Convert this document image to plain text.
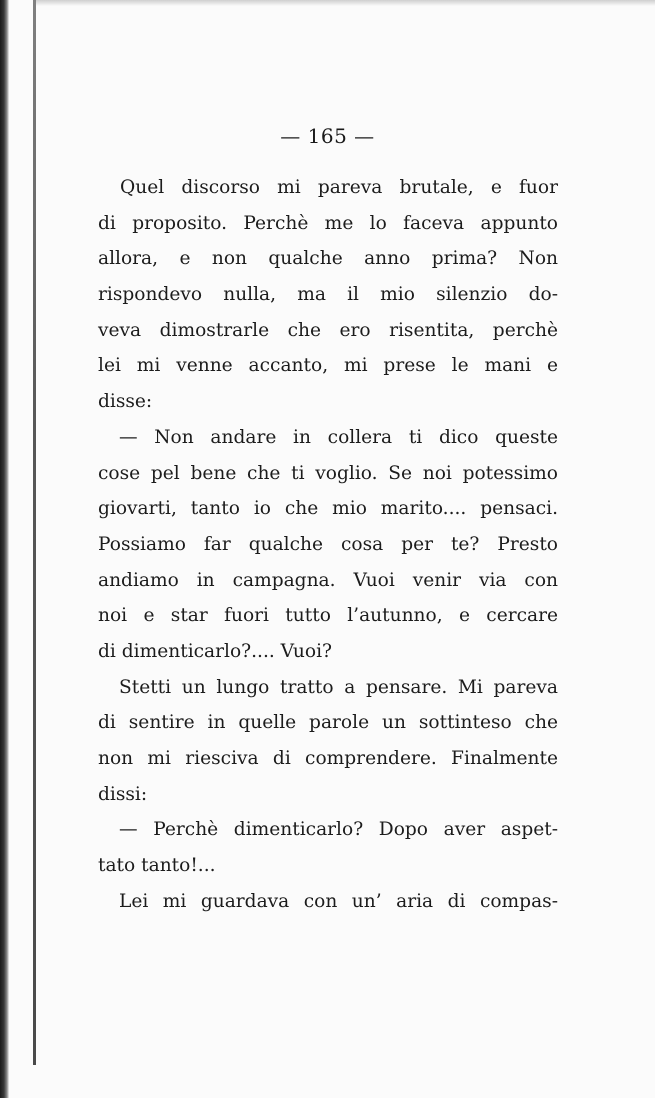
— 165 —
Quel discorso mi pareva brutale, e fuor
di proposito. Perchè me lo faceva appunto
allora, e non qualche anno prima? Non
rispondevo nulla, ma il mio silenzio do-
veva dimostrarle che ero risentita, perchè
lei mi venne accanto, mi prese le mani e
disse:
— Non andare in collera ti dico queste
cose pel bene che ti voglio. Se noi potessimo
giovarti, tanto io che mio marito.... pensaci.
Possiamo far qualche cosa per te? Presto
andiamo in campagna. Vuoi venir via con
noi e star fuori tutto l’autunno, e cercare
di dimenticarlo?.... Vuoi?
Stetti un lungo tratto a pensare. Mi pareva
di sentire in quelle parole un sottinteso che
non mi riesciva di comprendere. Finalmente
dissi:
— Perchè dimenticarlo? Dopo aver aspet-
tato tanto!...
Lei mi guardava con un’ aria di compas-
